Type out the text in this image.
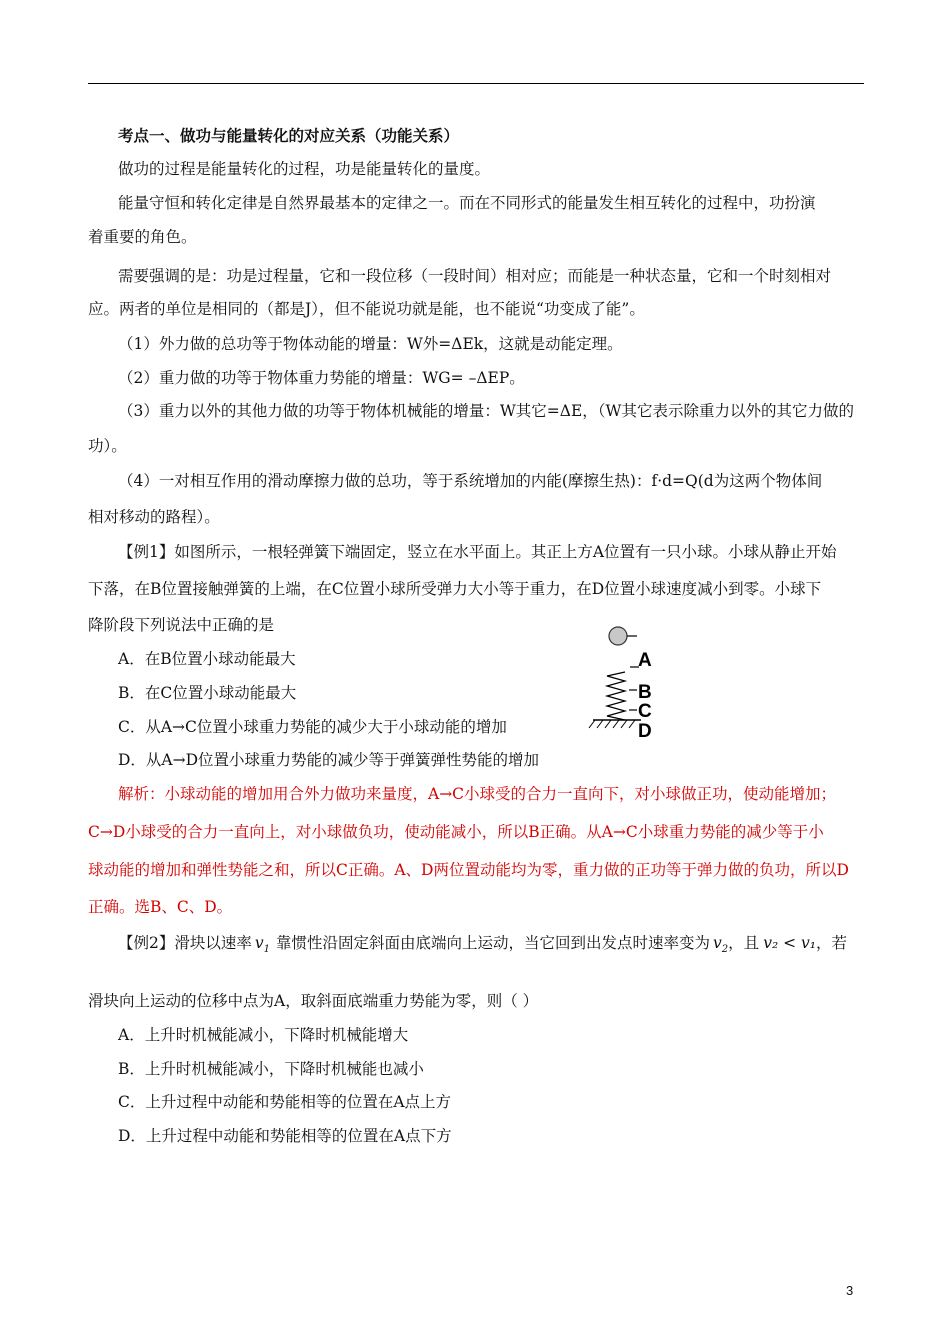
考点一、做功与能量转化的对应关系（功能关系）
做功的过程是能量转化的过程，功是能量转化的量度。
能量守恒和转化定律是自然界最基本的定律之一。而在不同形式的能量发生相互转化的过程中，功扮演
着重要的角色。
需要强调的是：功是过程量，它和一段位移（一段时间）相对应；而能是一种状态量，它和一个时刻相对
应。两者的单位是相同的（都是J），但不能说功就是能，也不能说“功变成了能”。
（1）外力做的总功等于物体动能的增量：W外=ΔEk，这就是动能定理。
（2）重力做的功等于物体重力势能的增量：WG= –ΔEP。
（3）重力以外的其他力做的功等于物体机械能的增量：W其它=ΔE，（W其它表示除重力以外的其它力做的
功）。
（4）一对相互作用的滑动摩擦力做的总功，等于系统增加的内能(摩擦生热)：f·d=Q(d为这两个物体间
相对移动的路程）。
【例1】如图所示，一根轻弹簧下端固定，竖立在水平面上。其正上方A位置有一只小球。小球从静止开始
下落，在B位置接触弹簧的上端，在C位置小球所受弹力大小等于重力，在D位置小球速度减小到零。小球下
降阶段下列说法中正确的是
A．在B位置小球动能最大
B．在C位置小球动能最大
C．从A→C位置小球重力势能的减少大于小球动能的增加
D．从A→D位置小球重力势能的减少等于弹簧弹性势能的增加
A
B
C
D
解析：小球动能的增加用合外力做功来量度，A→C小球受的合力一直向下，对小球做正功，使动能增加；
C→D小球受的合力一直向上，对小球做负功，使动能减小，所以B正确。从A→C小球重力势能的减少等于小
球动能的增加和弹性势能之和，所以C正确。A、D两位置动能均为零，重力做的正功等于弹力做的负功，所以D
正确。选B、C、D。
【例2】滑块以速率 $v_1$ 靠惯性沿固定斜面由底端向上运动，当它回到出发点时速率变为 $v_2$，且 v₂ < v₁，若
滑块向上运动的位移中点为A，取斜面底端重力势能为零，则（ ）
A．上升时机械能减小，下降时机械能增大
B．上升时机械能减小，下降时机械能也减小
C．上升过程中动能和势能相等的位置在A点上方
D．上升过程中动能和势能相等的位置在A点下方
3
